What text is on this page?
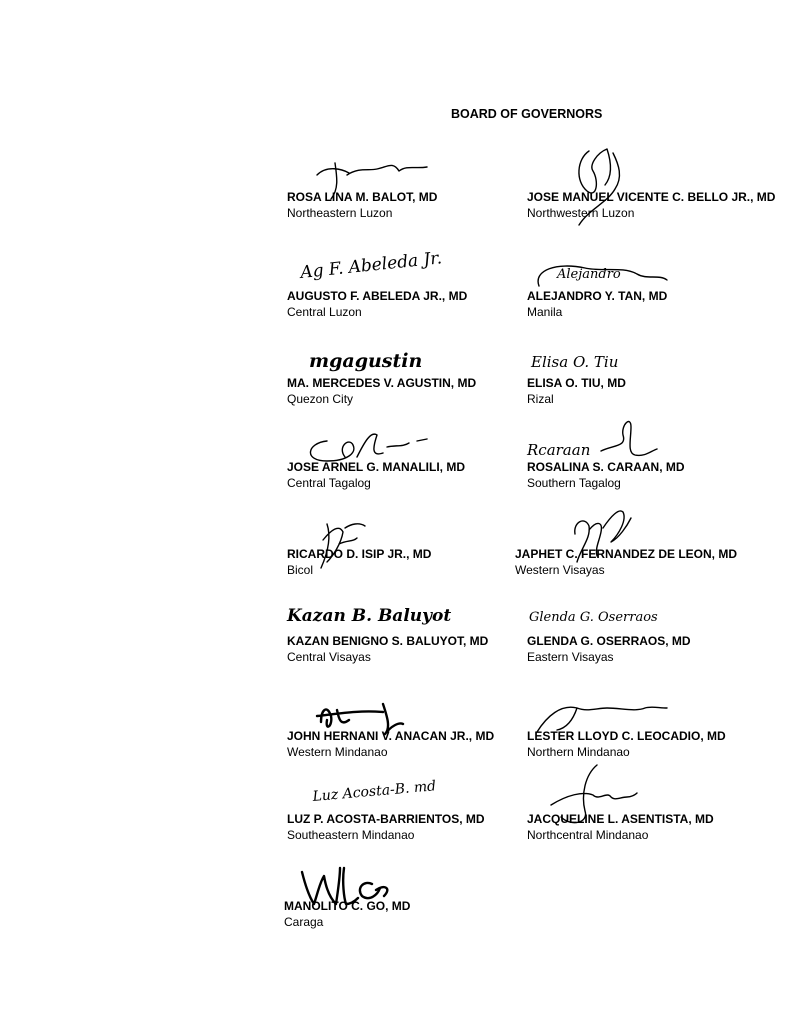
BOARD OF GOVERNORS
ROSA LINA M. BALOT, MD
Northeastern Luzon
JOSE MANUEL VICENTE C. BELLO JR., MD
Northwestern Luzon
Ag F. Abeleda Jr.
AUGUSTO F. ABELEDA JR., MD
Central Luzon
Alejandro
ALEJANDRO Y. TAN, MD
Manila
mgagustin
MA. MERCEDES V. AGUSTIN, MD
Quezon City
Elisa O. Tiu
ELISA O. TIU, MD
Rizal
JOSE ARNEL G. MANALILI, MD
Central Tagalog
Rcaraan
ROSALINA S. CARAAN, MD
Southern Tagalog
RICARDO D. ISIP JR., MD
Bicol
JAPHET C. FERNANDEZ DE LEON, MD
Western Visayas
Kazan B. Baluyot
KAZAN BENIGNO S. BALUYOT, MD
Central Visayas
Glenda G. Oserraos
GLENDA G. OSERRAOS, MD
Eastern Visayas
JOHN HERNANI V. ANACAN JR., MD
Western Mindanao
LESTER LLOYD C. LEOCADIO, MD
Northern Mindanao
Luz Acosta-B. md
LUZ P. ACOSTA-BARRIENTOS, MD
Southeastern Mindanao
JACQUELINE L. ASENTISTA, MD
Northcentral Mindanao
MANOLITO C. GO, MD
Caraga
